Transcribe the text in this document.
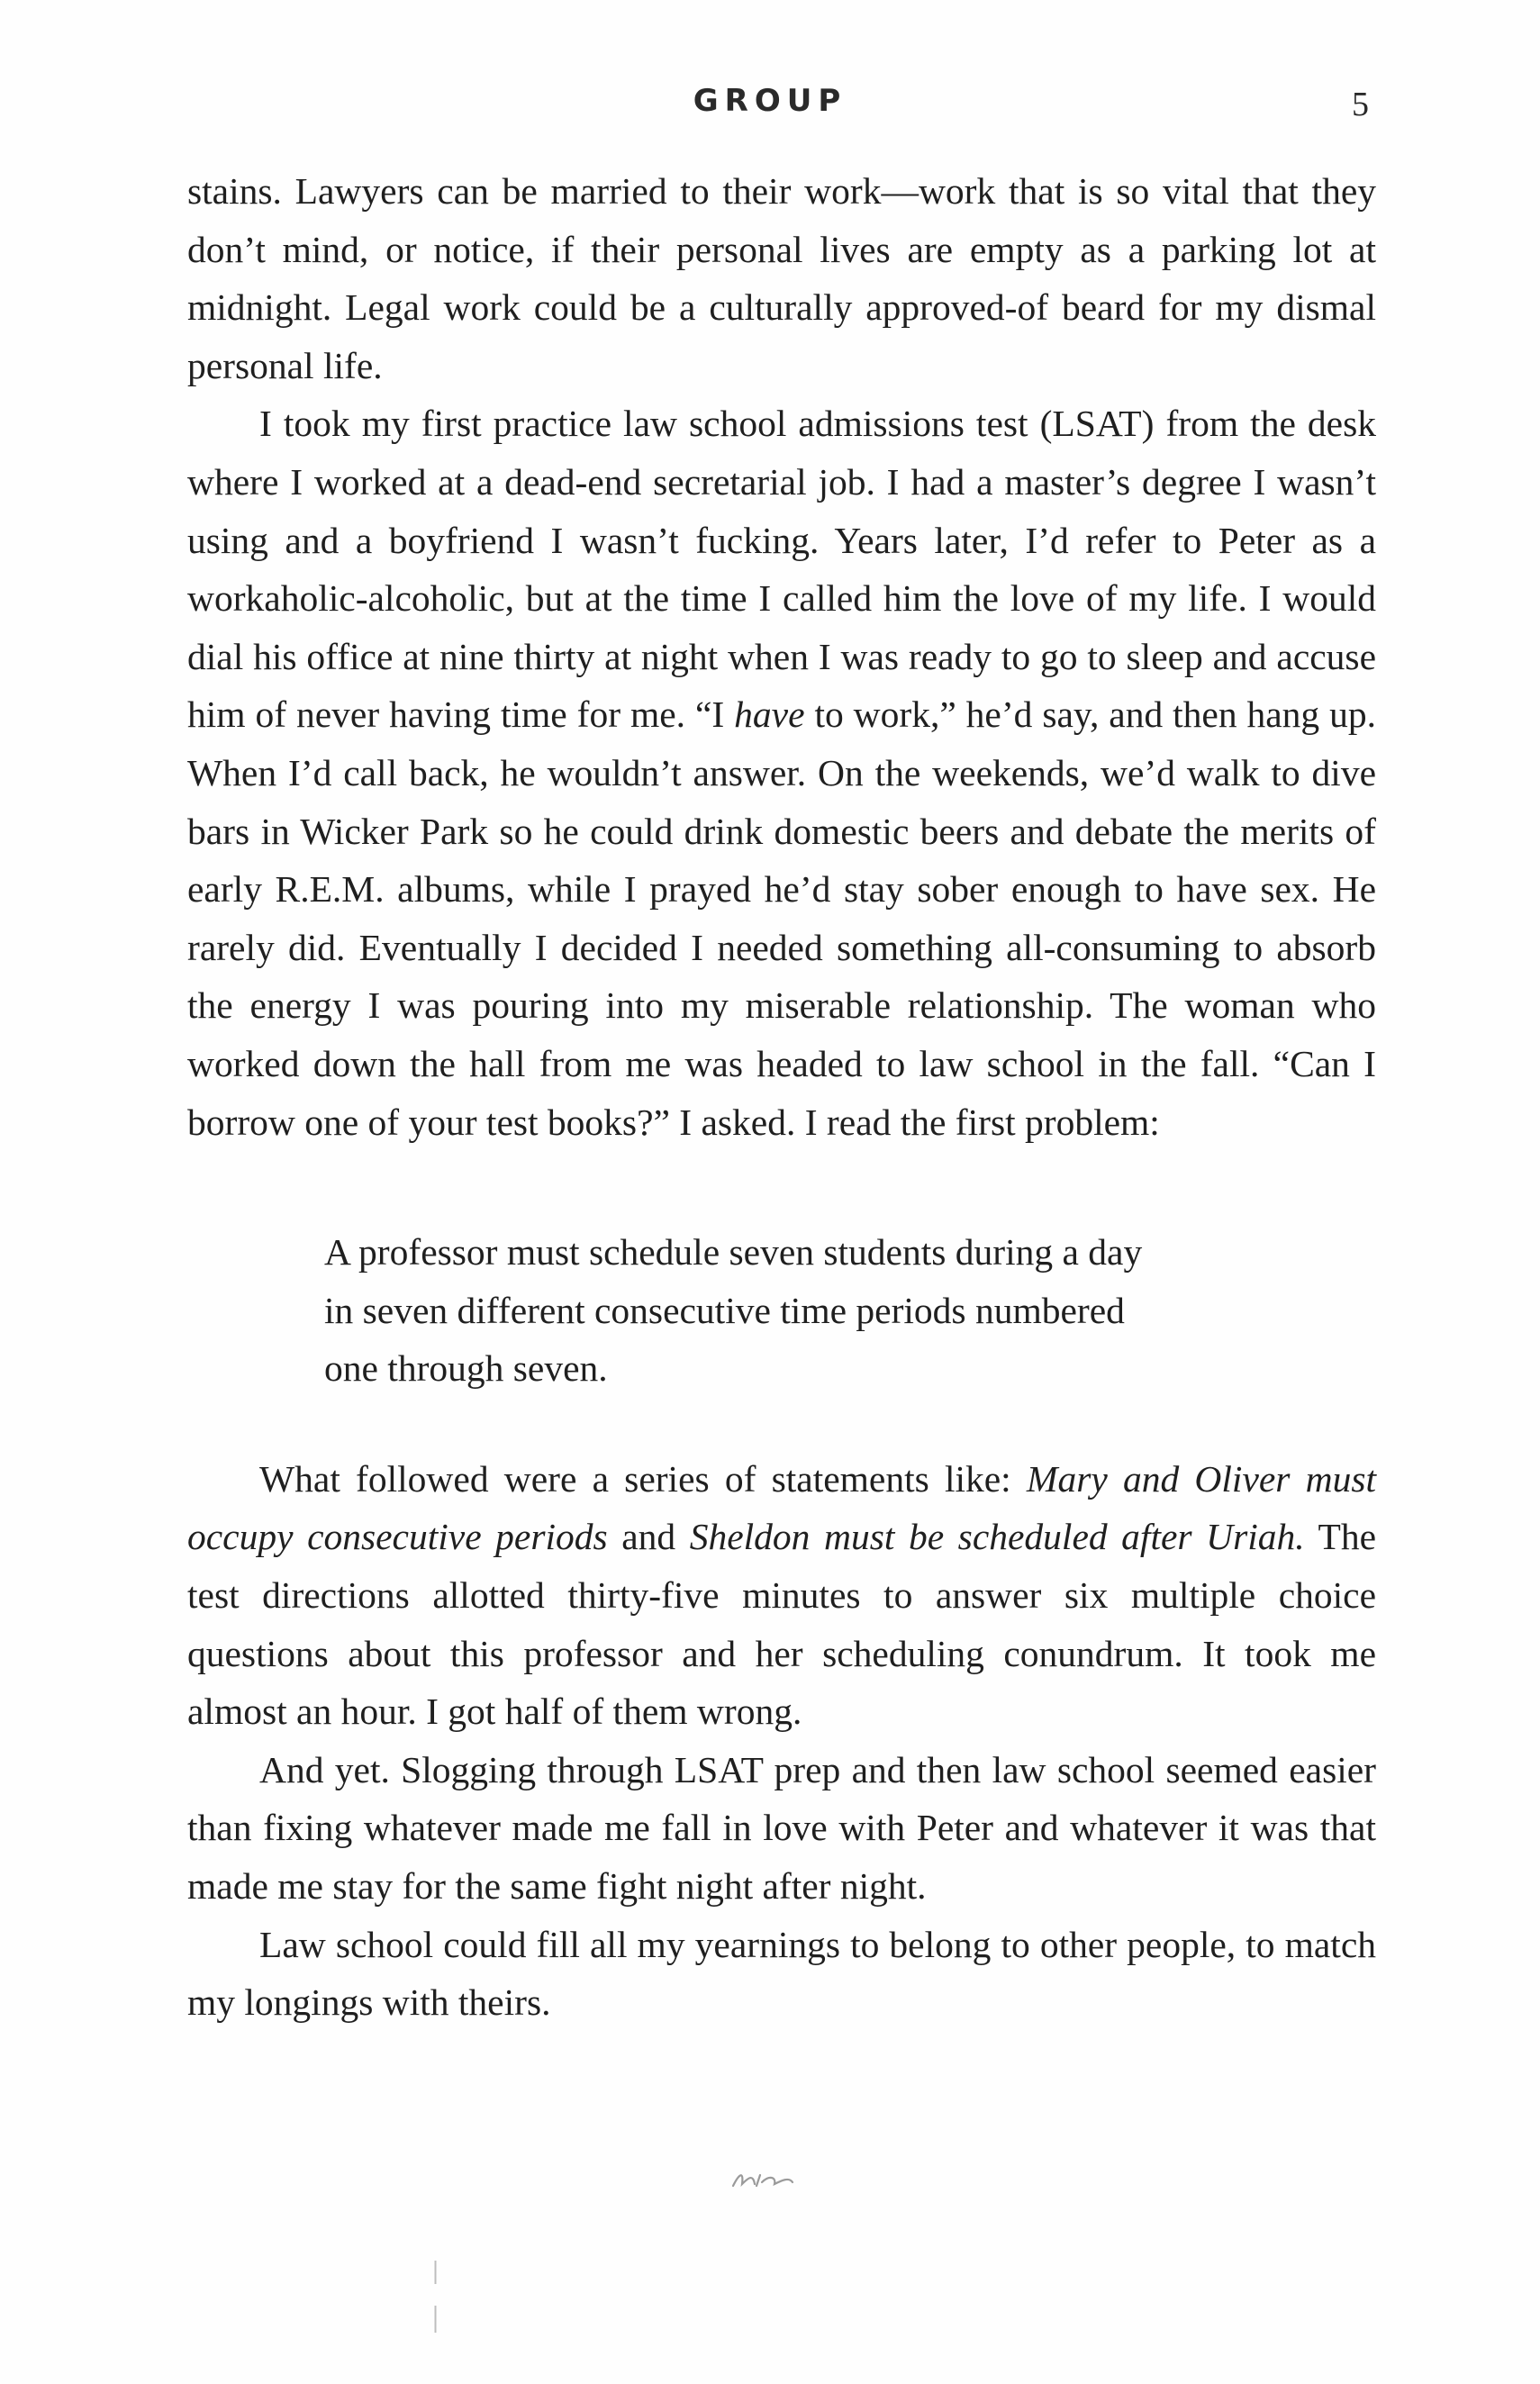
GROUP	5

stains. Lawyers can be married to their work—work that is so vital that they don’t mind, or notice, if their personal lives are empty as a parking lot at midnight. Legal work could be a culturally approved-of beard for my dismal personal life.

I took my first practice law school admissions test (LSAT) from the desk where I worked at a dead-end secretarial job. I had a master’s degree I wasn’t using and a boyfriend I wasn’t fucking. Years later, I’d refer to Peter as a workaholic-alcoholic, but at the time I called him the love of my life. I would dial his office at nine thirty at night when I was ready to go to sleep and accuse him of never having time for me. “I have to work,” he’d say, and then hang up. When I’d call back, he wouldn’t answer. On the weekends, we’d walk to dive bars in Wicker Park so he could drink domestic beers and debate the merits of early R.E.M. albums, while I prayed he’d stay sober enough to have sex. He rarely did. Eventually I decided I needed something all-consuming to absorb the energy I was pouring into my miserable relationship. The woman who worked down the hall from me was headed to law school in the fall. “Can I borrow one of your test books?” I asked. I read the first problem:

A professor must schedule seven students during a day
in seven different consecutive time periods numbered
one through seven.

What followed were a series of statements like: Mary and Oliver must occupy consecutive periods and Sheldon must be scheduled after Uriah. The test directions allotted thirty-five minutes to answer six multiple choice questions about this professor and her scheduling conundrum. It took me almost an hour. I got half of them wrong.

And yet. Slogging through LSAT prep and then law school seemed easier than fixing whatever made me fall in love with Peter and whatever it was that made me stay for the same fight night after night.

Law school could fill all my yearnings to belong to other people, to match my longings with theirs.
